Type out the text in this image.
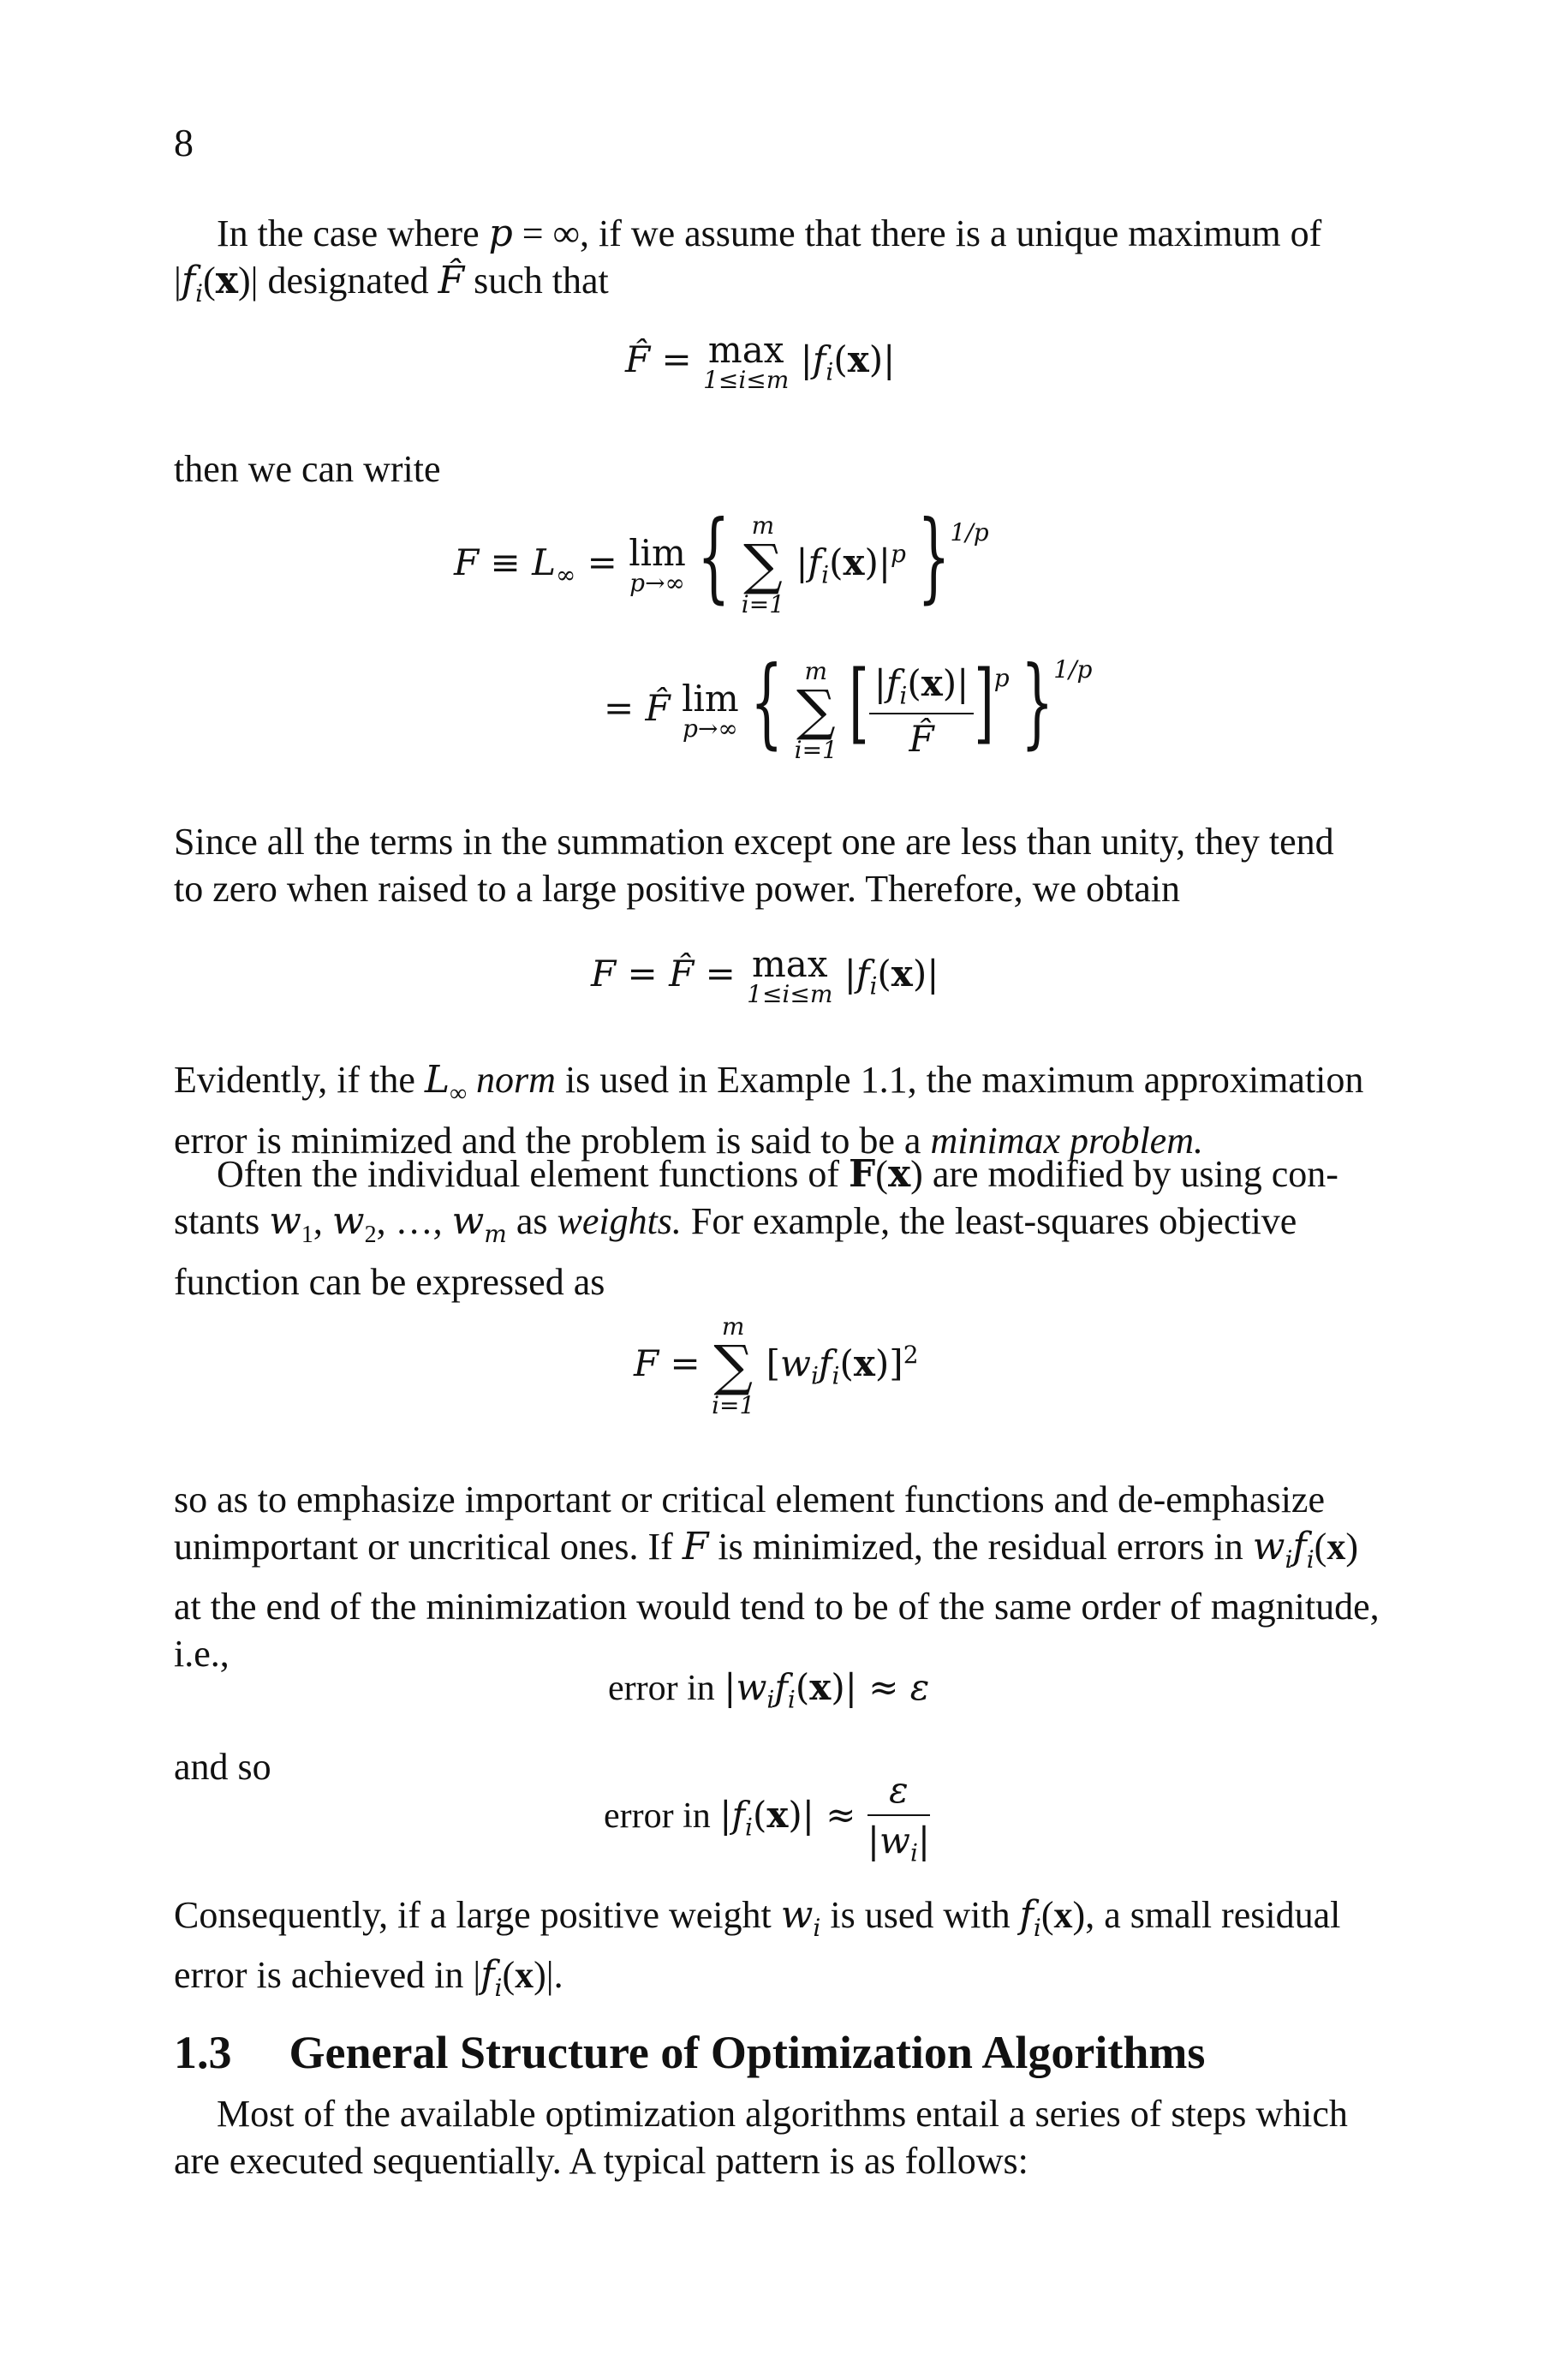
8
In the case where p = ∞, if we assume that there is a unique maximum of
$|f_i(x)|$ designated F̂ such that
F̂ = max
1≤i≤m $|f_i(x)|$
then we can write
$F \equiv L_\infty = \lim$
p→∞ { m
∑
i=1
$|f_i(x)|^p$ }$^{1/p}$
= F̂ lim
p→∞ { m
∑
i=1 [ $\frac{|f_i(x)|}{F̂} ]^p$ }$^{1/p}$
Since all the terms in the summation except one are less than unity, they tend
to zero when raised to a large positive power. Therefore, we obtain
F = F̂ = max
1≤i≤m $|f_i(x)|$
Evidently, if the $L_\infty$ norm is used in Example 1.1, the maximum approximation
error is minimized and the problem is said to be a minimax problem.
Often the individual element functions of F(x) are modified by using con-
stants $w_1$, $w_2$, …, $w_m$ as weights. For example, the least-squares objective
function can be expressed as
F =
m
∑
i=1
$[w_if_i(x)]^2$
so as to emphasize important or critical element functions and de-emphasize
unimportant or uncritical ones. If F is minimized, the residual errors in $w_if_i(x)$
at the end of the minimization would tend to be of the same order of magnitude,
i.e.,
error in $|w_if_i(x)| \approx \varepsilon$
and so
error in $|f_i(x)| \approx \frac{\varepsilon}{|w_i|}$
Consequently, if a large positive weight $w_i$ is used with $f_i(x)$, a small residual
error is achieved in $|f_i(x)|$.
1.3 General Structure of Optimization Algorithms
Most of the available optimization algorithms entail a series of steps which
are executed sequentially. A typical pattern is as follows:
